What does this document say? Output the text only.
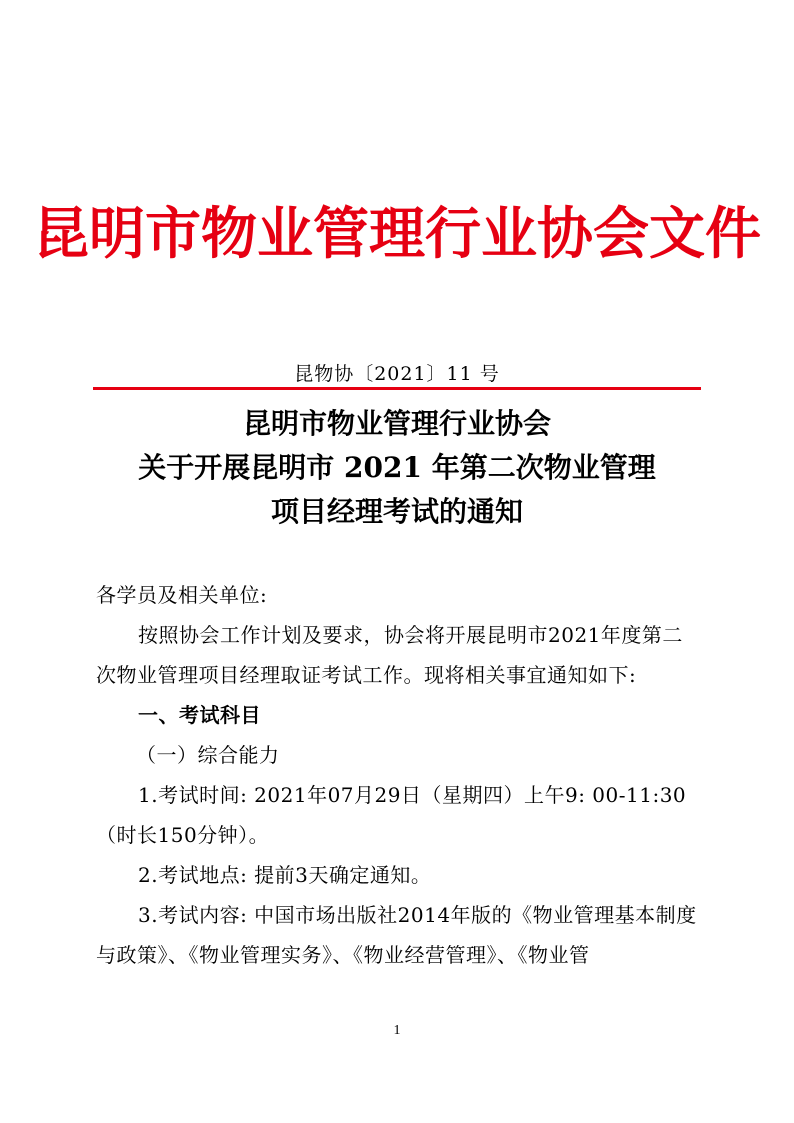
昆明市物业管理行业协会文件
昆物协〔2021〕11 号
昆明市物业管理行业协会
关于开展昆明市 2021 年第二次物业管理
项目经理考试的通知

各学员及相关单位:

按照协会工作计划及要求，协会将开展昆明市2021年度第二次物业管理项目经理取证考试工作。现将相关事宜通知如下:

一、考试科目

（一）综合能力

1.考试时间: 2021年07月29日（星期四）上午9: 00-11:30（时长150分钟）。

2.考试地点: 提前3天确定通知。

3.考试内容: 中国市场出版社2014年版的《物业管理基本制度与政策》、《物业管理实务》、《物业经营管理》、《物业管

1
